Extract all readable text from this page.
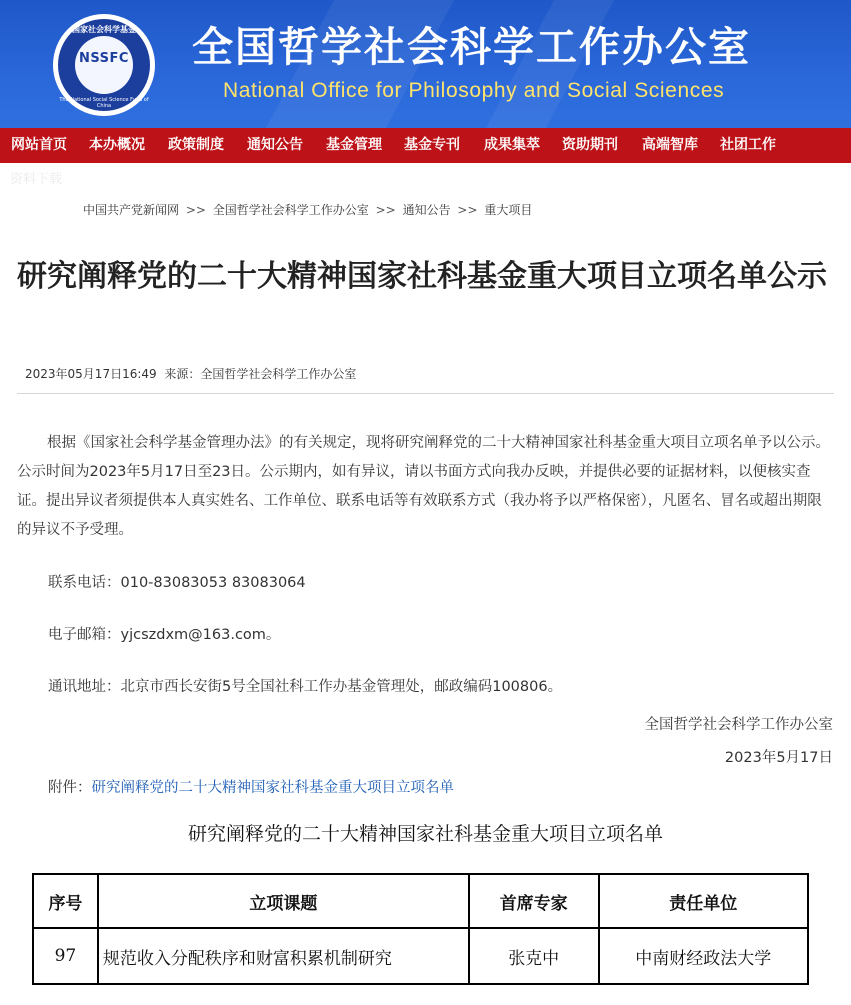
国家社会科学基金
NSSFC
The National Social Science Fund of China
全国哲学社会科学工作办公室
National Office for Philosophy and Social Sciences
网站首页 本办概况 政策制度 通知公告 基金管理 基金专刊 成果集萃 资助期刊 高端智库 社团工作
资料下载
中国共产党新闻网 >> 全国哲学社会科学工作办公室 >> 通知公告 >> 重大项目
研究阐释党的二十大精神国家社科基金重大项目立项名单公示
2023年05月17日16:49 来源：全国哲学社会科学工作办公室
根据《国家社会科学基金管理办法》的有关规定，现将研究阐释党的二十大精神国家社科基金重大项目立项名单予以公示。公示时间为2023年5月17日至23日。公示期内，如有异议，请以书面方式向我办反映，并提供必要的证据材料，以便核实查证。提出异议者须提供本人真实姓名、工作单位、联系电话等有效联系方式（我办将予以严格保密），凡匿名、冒名或超出期限的异议不予受理。
联系电话：010-83083053 83083064
电子邮箱：yjcszdxm@163.com。
通讯地址：北京市西长安街5号全国社科工作办基金管理处，邮政编码100806。
全国哲学社会科学工作办公室
2023年5月17日
附件：研究阐释党的二十大精神国家社科基金重大项目立项名单
研究阐释党的二十大精神国家社科基金重大项目立项名单
序号	立项课题	首席专家	责任单位
97	规范收入分配秩序和财富积累机制研究	张克中	中南财经政法大学
